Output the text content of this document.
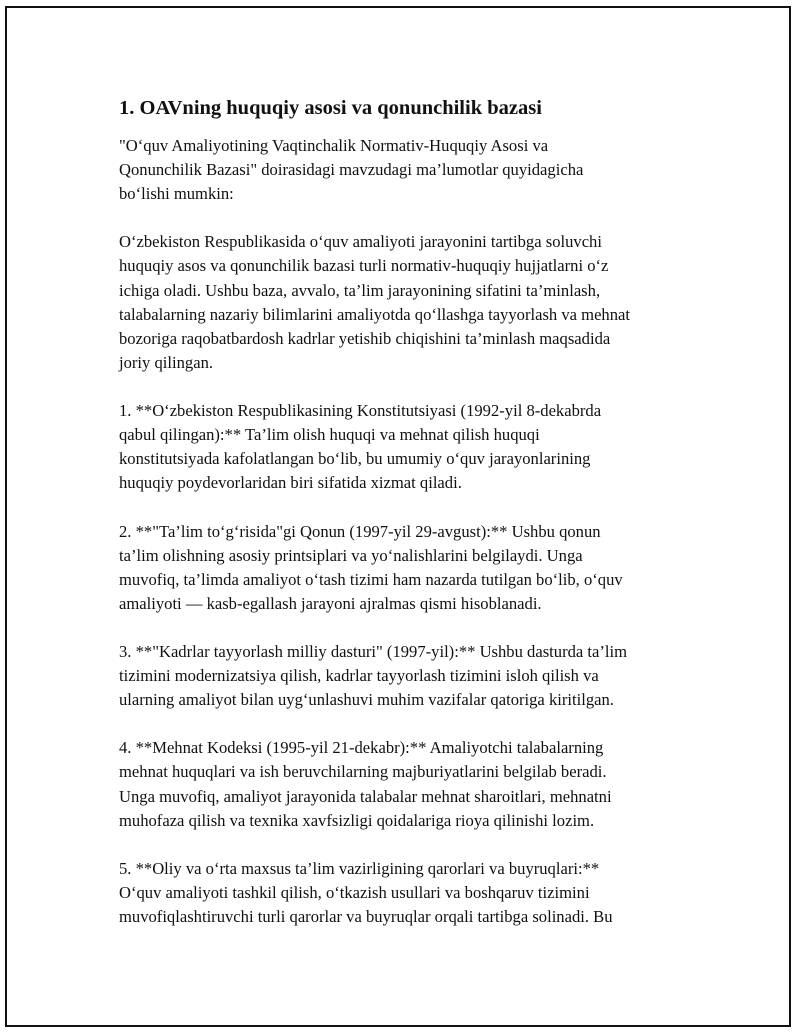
1. OAVning huquqiy asosi va qonunchilik bazasi

"O‘quv Amaliyotining Vaqtinchalik Normativ-Huquqiy Asosi va
Qonunchilik Bazasi" doirasidagi mavzudagi ma’lumotlar quyidagicha
bo‘lishi mumkin:

O‘zbekiston Respublikasida o‘quv amaliyoti jarayonini tartibga soluvchi
huquqiy asos va qonunchilik bazasi turli normativ-huquqiy hujjatlarni o‘z
ichiga oladi. Ushbu baza, avvalo, ta’lim jarayonining sifatini ta’minlash,
talabalarning nazariy bilimlarini amaliyotda qo‘llashga tayyorlash va mehnat
bozoriga raqobatbardosh kadrlar yetishib chiqishini ta’minlash maqsadida
joriy qilingan.

1. **O‘zbekiston Respublikasining Konstitutsiyasi (1992-yil 8-dekabrda
qabul qilingan):** Ta’lim olish huquqi va mehnat qilish huquqi
konstitutsiyada kafolatlangan bo‘lib, bu umumiy o‘quv jarayonlarining
huquqiy poydevorlaridan biri sifatida xizmat qiladi.

2. **"Ta’lim to‘g‘risida"gi Qonun (1997-yil 29-avgust):** Ushbu qonun
ta’lim olishning asosiy printsiplari va yo‘nalishlarini belgilaydi. Unga
muvofiq, ta’limda amaliyot o‘tash tizimi ham nazarda tutilgan bo‘lib, o‘quv
amaliyoti — kasb-egallash jarayoni ajralmas qismi hisoblanadi.

3. **"Kadrlar tayyorlash milliy dasturi" (1997-yil):** Ushbu dasturda ta’lim
tizimini modernizatsiya qilish, kadrlar tayyorlash tizimini isloh qilish va
ularning amaliyot bilan uyg‘unlashuvi muhim vazifalar qatoriga kiritilgan.

4. **Mehnat Kodeksi (1995-yil 21-dekabr):** Amaliyotchi talabalarning
mehnat huquqlari va ish beruvchilarning majburiyatlarini belgilab beradi.
Unga muvofiq, amaliyot jarayonida talabalar mehnat sharoitlari, mehnatni
muhofaza qilish va texnika xavfsizligi qoidalariga rioya qilinishi lozim.

5. **Oliy va o‘rta maxsus ta’lim vazirligining qarorlari va buyruqlari:**
O‘quv amaliyoti tashkil qilish, o‘tkazish usullari va boshqaruv tizimini
muvofiqlashtiruvchi turli qarorlar va buyruqlar orqali tartibga solinadi. Bu
